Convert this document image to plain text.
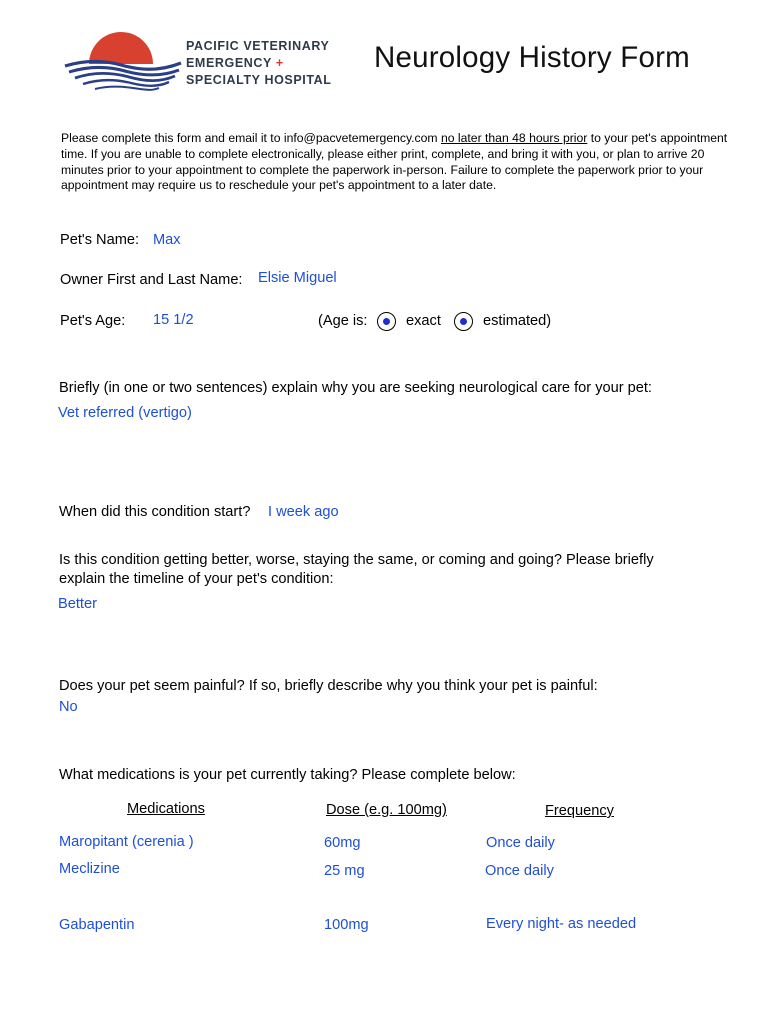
PACIFIC VETERINARY
EMERGENCY +
SPECIALTY HOSPITAL
Neurology History Form
Please complete this form and email it to info@pacvetemergency.com no later than 48 hours prior to your pet's appointment time. If you are unable to complete electronically, please either print, complete, and bring it with you, or plan to arrive 20 minutes prior to your appointment to complete the paperwork in-person. Failure to complete the paperwork prior to your appointment may require us to reschedule your pet's appointment to a later date.
Pet's Name: Max
Owner First and Last Name: Elsie Miguel
Pet's Age: 15 1/2	(Age is:	exact	estimated)
Briefly (in one or two sentences) explain why you are seeking neurological care for your pet:
Vet referred (vertigo)
When did this condition start? I week ago
Is this condition getting better, worse, staying the same, or coming and going? Please briefly
explain the timeline of your pet's condition:
Better
Does your pet seem painful? If so, briefly describe why you think your pet is painful:
No
What medications is your pet currently taking? Please complete below:
Medications	Dose (e.g. 100mg)	Frequency
Maropitant (cerenia )	60mg	Once daily
Meclizine	25 mg	Once daily
Gabapentin	100mg	Every night- as needed
